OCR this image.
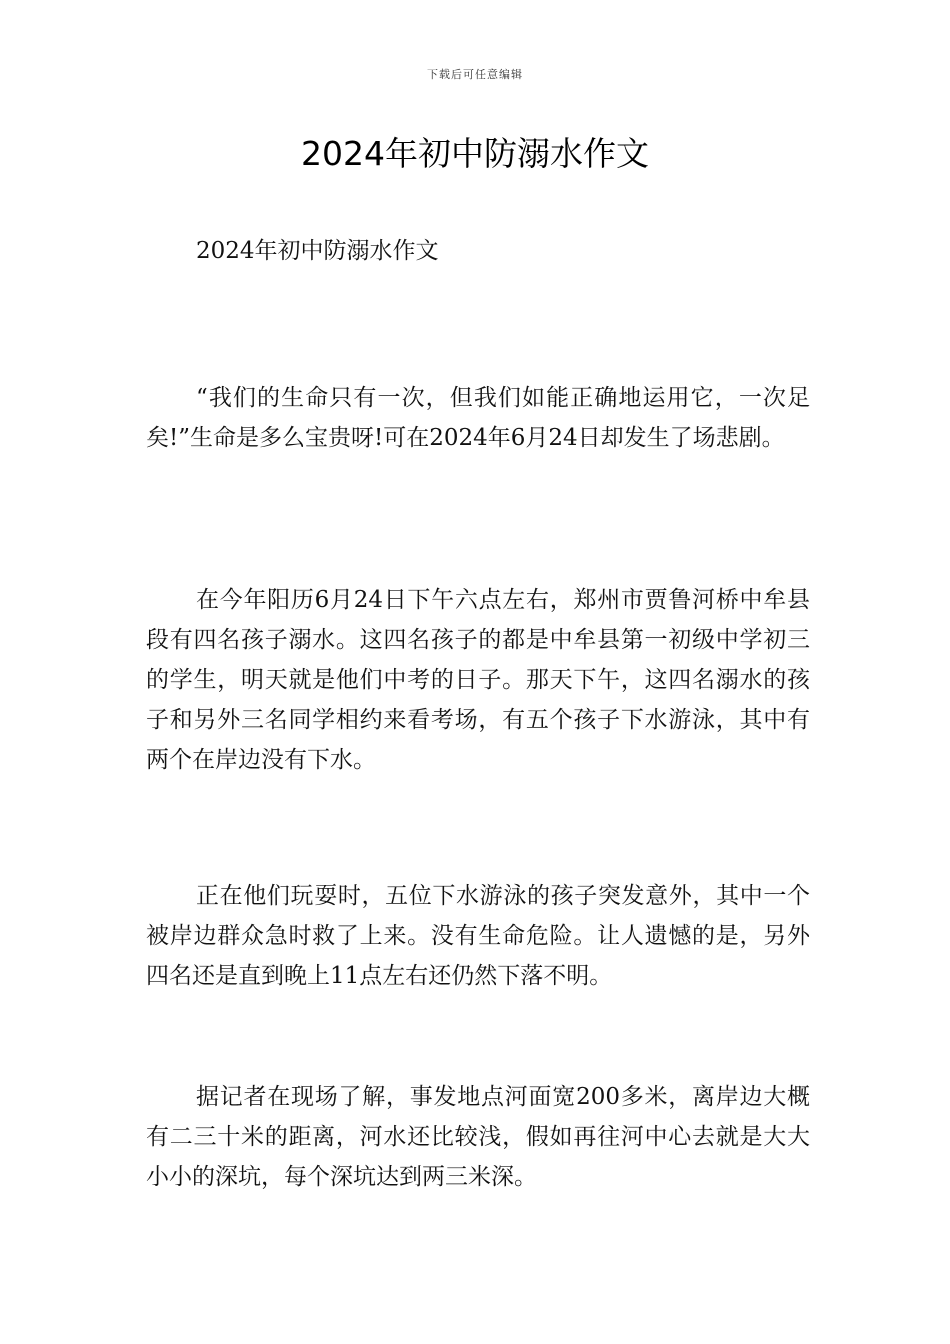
下载后可任意编辑
2024年初中防溺水作文

2024年初中防溺水作文

“我们的生命只有一次，但我们如能正确地运用它，一次足矣!”生命是多么宝贵呀!可在2024年6月24日却发生了场悲剧。

在今年阳历6月24日下午六点左右，郑州市贾鲁河桥中牟县段有四名孩子溺水。这四名孩子的都是中牟县第一初级中学初三的学生，明天就是他们中考的日子。那天下午，这四名溺水的孩子和另外三名同学相约来看考场，有五个孩子下水游泳，其中有两个在岸边没有下水。

正在他们玩耍时，五位下水游泳的孩子突发意外，其中一个被岸边群众急时救了上来。没有生命危险。让人遗憾的是，另外四名还是直到晚上11点左右还仍然下落不明。

据记者在现场了解，事发地点河面宽200多米，离岸边大概有二三十米的距离，河水还比较浅，假如再往河中心去就是大大小小的深坑，每个深坑达到两三米深。
